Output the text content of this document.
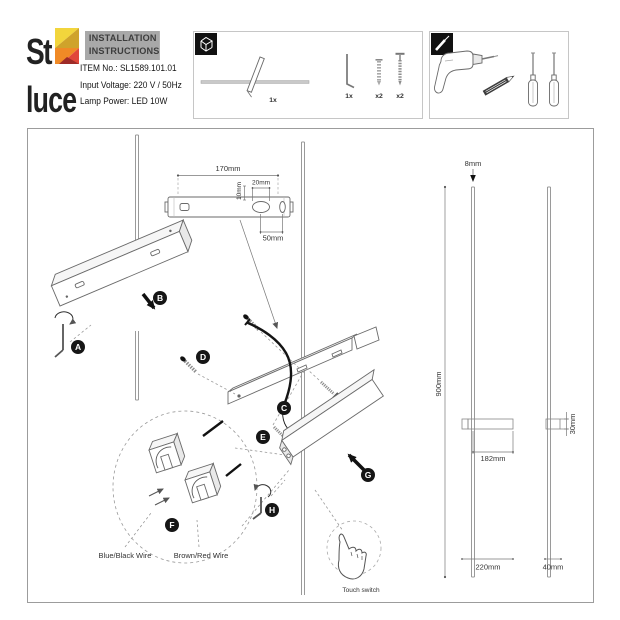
St
luce
INSTALLATION
INSTRUCTIONS
ITEM No.: SL1589.101.01
Input Voltage: 220 V / 50Hz
Lamp Power: LED 10W	1x
1x	x2 x2
170mm
20mm
10mm
50mm
Blue/Black Wire	Brown/Red Wire
Touch switch
900mm
8mm
182mm
220mm
30mm
40mm
A
B
C
D
E
F
G
H
